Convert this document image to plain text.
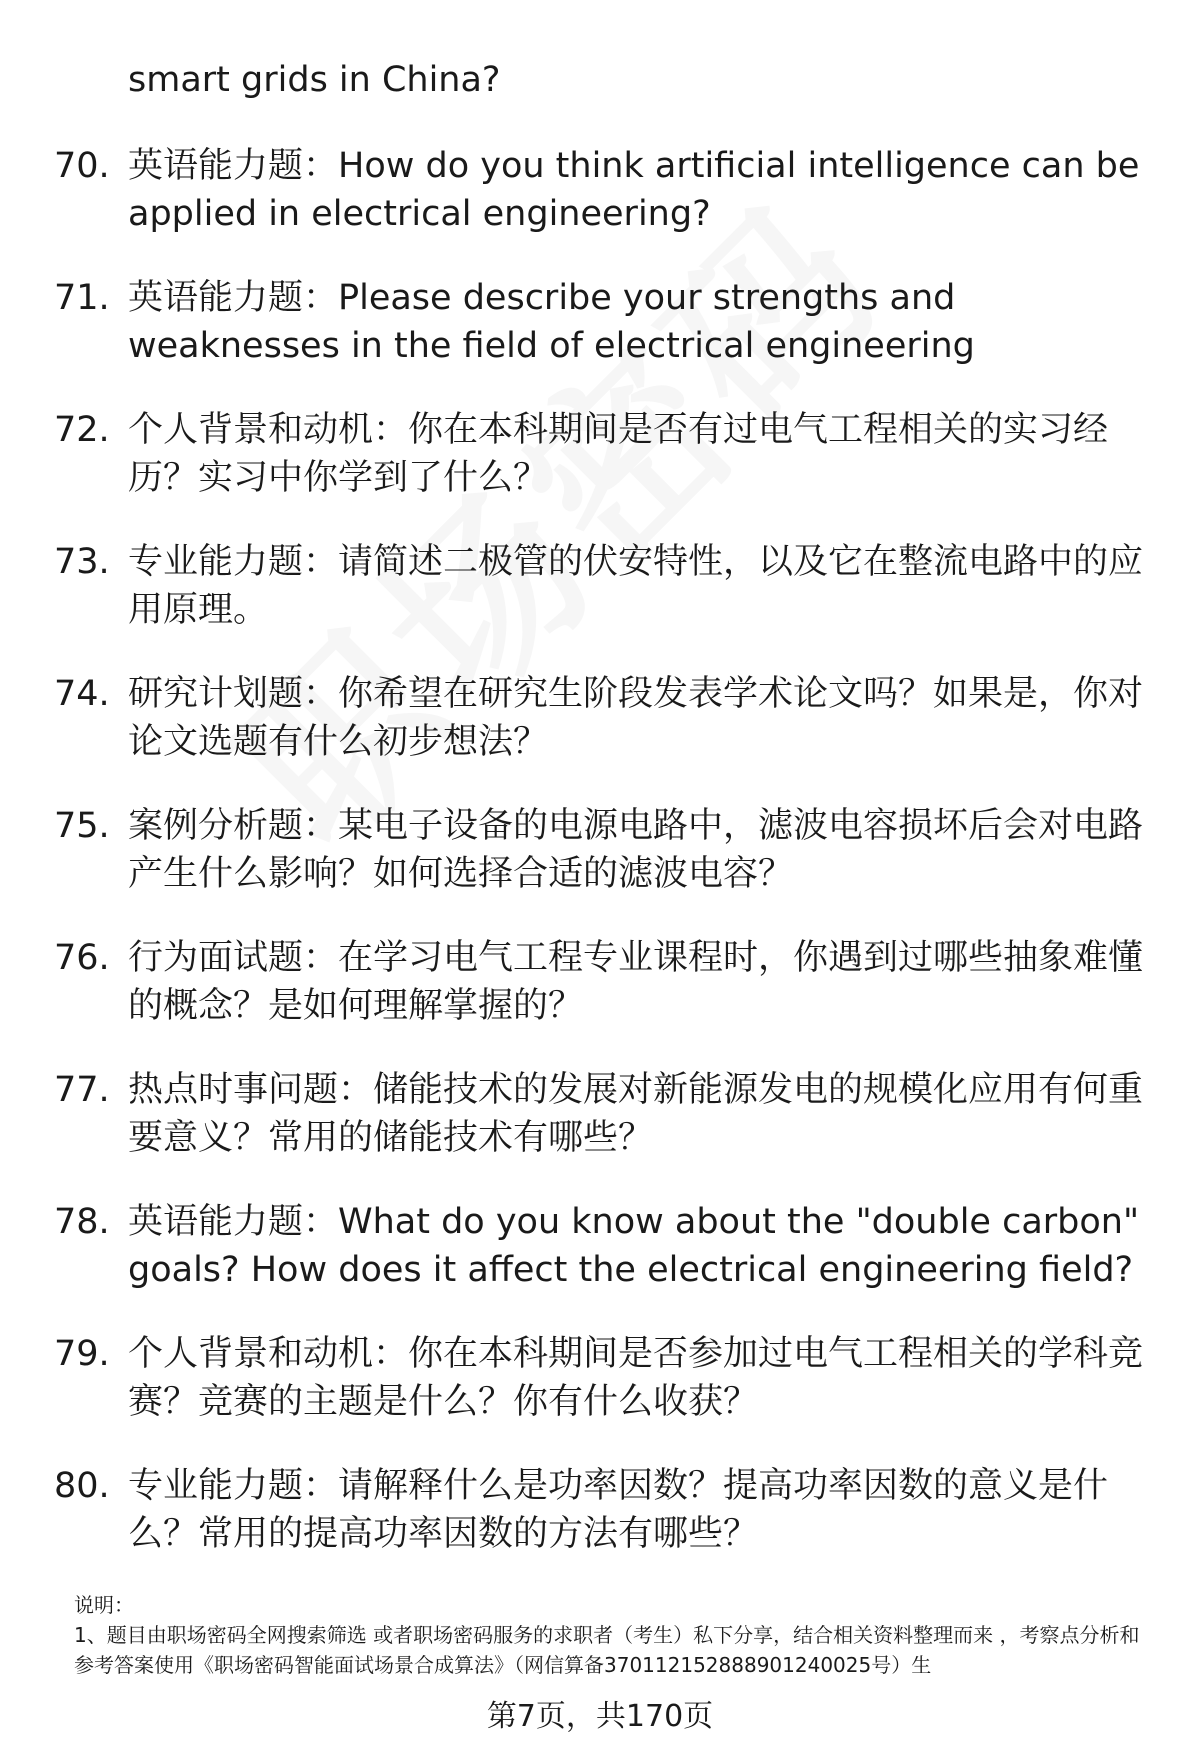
smart grids in China?
70. 英语能力题：How do you think artificial intelligence can be applied in electrical engineering?
71. 英语能力题：Please describe your strengths and weaknesses in the field of electrical engineering
72. 个人背景和动机：你在本科期间是否有过电气工程相关的实习经历？实习中你学到了什么？
73. 专业能力题：请简述二极管的伏安特性，以及它在整流电路中的应用原理。
74. 研究计划题：你希望在研究生阶段发表学术论文吗？如果是，你对论文选题有什么初步想法？
75. 案例分析题：某电子设备的电源电路中，滤波电容损坏后会对电路产生什么影响？如何选择合适的滤波电容？
76. 行为面试题：在学习电气工程专业课程时，你遇到过哪些抽象难懂的概念？是如何理解掌握的？
77. 热点时事问题：储能技术的发展对新能源发电的规模化应用有何重要意义？常用的储能技术有哪些？
78. 英语能力题：What do you know about the "double carbon" goals? How does it affect the electrical engineering field?
79. 个人背景和动机：你在本科期间是否参加过电气工程相关的学科竞赛？竞赛的主题是什么？你有什么收获？
80. 专业能力题：请解释什么是功率因数？提高功率因数的意义是什么？常用的提高功率因数的方法有哪些？
说明：
1、题目由职场密码全网搜索筛选 或者职场密码服务的求职者（考生）私下分享，结合相关资料整理而来 ，考察点分析和参考答案使用《职场密码智能面试场景合成算法》（网信算备370112152888901240025号）生
第7页，共170页
